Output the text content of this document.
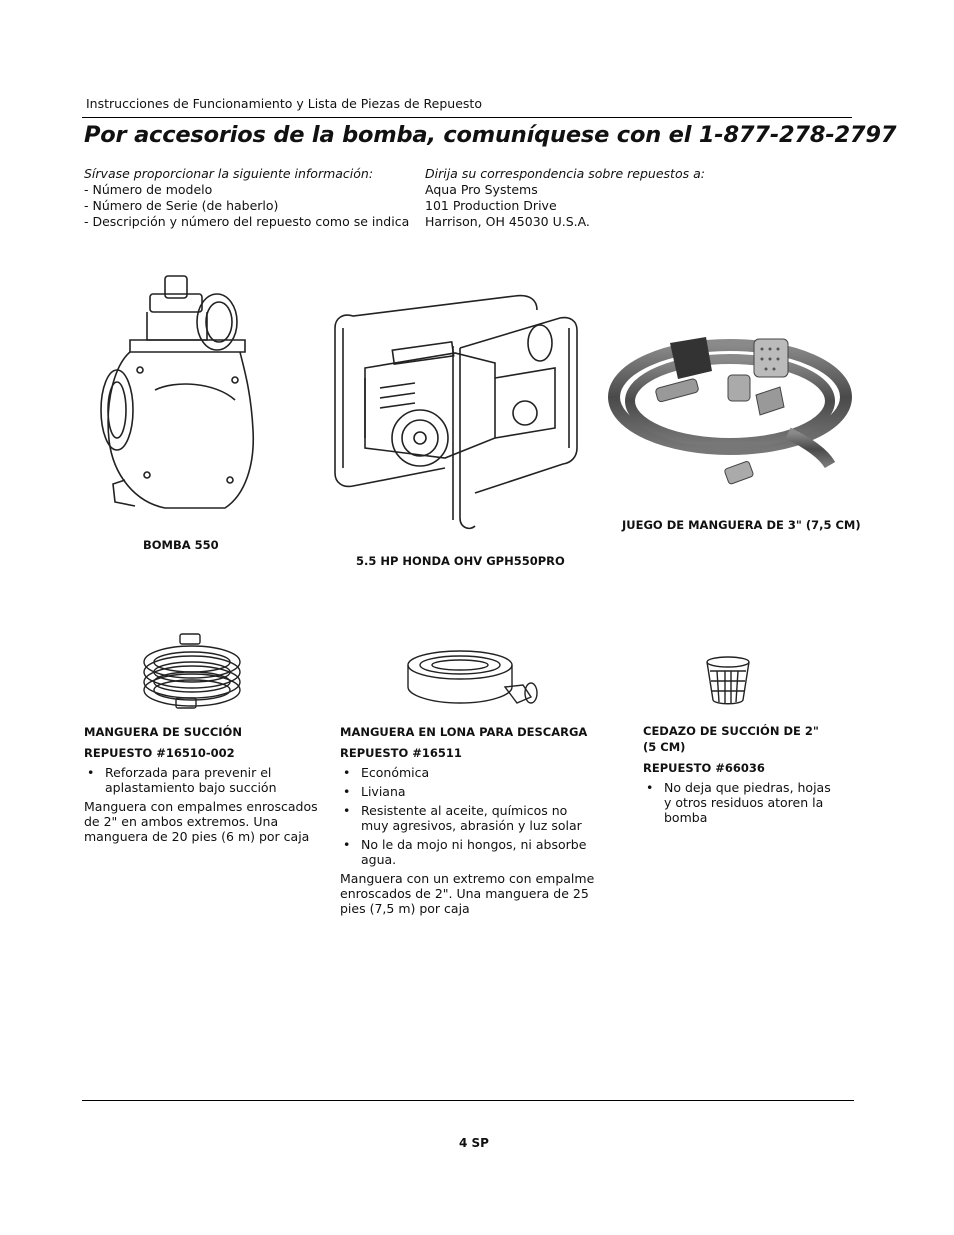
Instrucciones de Funcionamiento y Lista de Piezas de Repuesto
Por accesorios de la bomba, comuníquese con el 1-877-278-2797
Sírvase proporcionar la siguiente información:
- Número de modelo
- Número de Serie (de haberlo)
- Descripción y número del repuesto como se indica
Dirija su correspondencia sobre repuestos a:
Aqua Pro Systems
101 Production Drive
Harrison, OH 45030 U.S.A.
BOMBA 550
5.5 HP HONDA OHV GPH550PRO
JUEGO DE MANGUERA DE 3" (7,5 CM)
MANGUERA DE SUCCIÓN
REPUESTO #16510-002
• Reforzada para prevenir el aplastamiento bajo succión
Manguera con empalmes enroscados de 2" en ambos extremos. Una manguera de 20 pies (6 m) por caja
MANGUERA EN LONA PARA DESCARGA
REPUESTO #16511
• Económica
• Liviana
• Resistente al aceite, químicos no muy agresivos, abrasión y luz solar
• No le da mojo ni hongos, ni absorbe agua.
Manguera con un extremo con empalme enroscados de 2". Una manguera de 25 pies (7,5 m) por caja
CEDAZO DE SUCCIÓN DE 2" (5 CM)
REPUESTO #66036
• No deja que piedras, hojas y otros residuos atoren la bomba
4 SP
